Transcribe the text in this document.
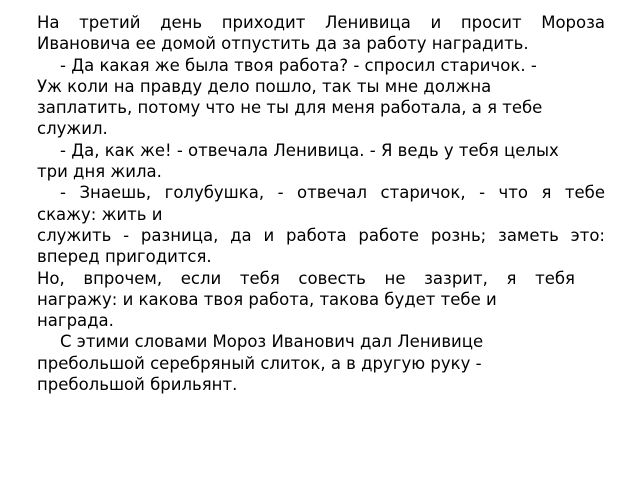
На третий день приходит Ленивица и просит Мороза
Ивановича ее домой отпустить да за работу наградить.
- Да какая же была твоя работа? - спросил старичок. -
Уж коли на правду дело пошло, так ты мне должна
заплатить, потому что не ты для меня работала, а я тебе
служил.
- Да, как же! - отвечала Ленивица. - Я ведь у тебя целых
три дня жила.
- Знаешь, голубушка, - отвечал старичок, - что я тебе
скажу: жить и
служить - разница, да и работа работе рознь; заметь это:
вперед пригодится.
Но, впрочем, если тебя совесть не зазрит, я тебя
награжу: и какова твоя работа, такова будет тебе и
награда.
С этими словами Мороз Иванович дал Ленивице
пребольшой серебряный слиток, а в другую руку -
пребольшой брильянт.
